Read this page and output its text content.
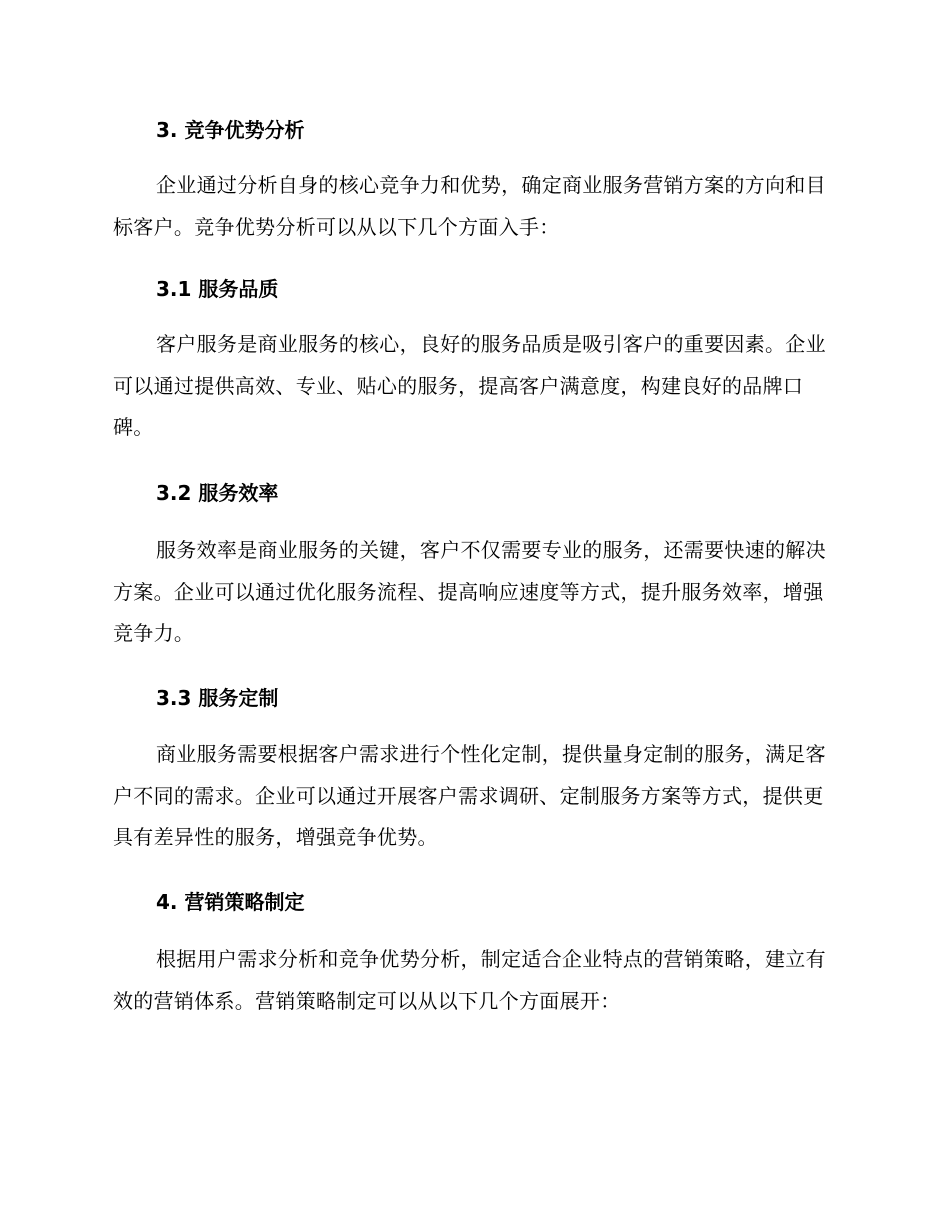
3. 竞争优势分析

企业通过分析自身的核心竞争力和优势，确定商业服务营销方案的方向和目标客户。竞争优势分析可以从以下几个方面入手：

3.1 服务品质

客户服务是商业服务的核心，良好的服务品质是吸引客户的重要因素。企业可以通过提供高效、专业、贴心的服务，提高客户满意度，构建良好的品牌口碑。

3.2 服务效率

服务效率是商业服务的关键，客户不仅需要专业的服务，还需要快速的解决方案。企业可以通过优化服务流程、提高响应速度等方式，提升服务效率，增强竞争力。

3.3 服务定制

商业服务需要根据客户需求进行个性化定制，提供量身定制的服务，满足客户不同的需求。企业可以通过开展客户需求调研、定制服务方案等方式，提供更具有差异性的服务，增强竞争优势。

4. 营销策略制定

根据用户需求分析和竞争优势分析，制定适合企业特点的营销策略，建立有效的营销体系。营销策略制定可以从以下几个方面展开：
